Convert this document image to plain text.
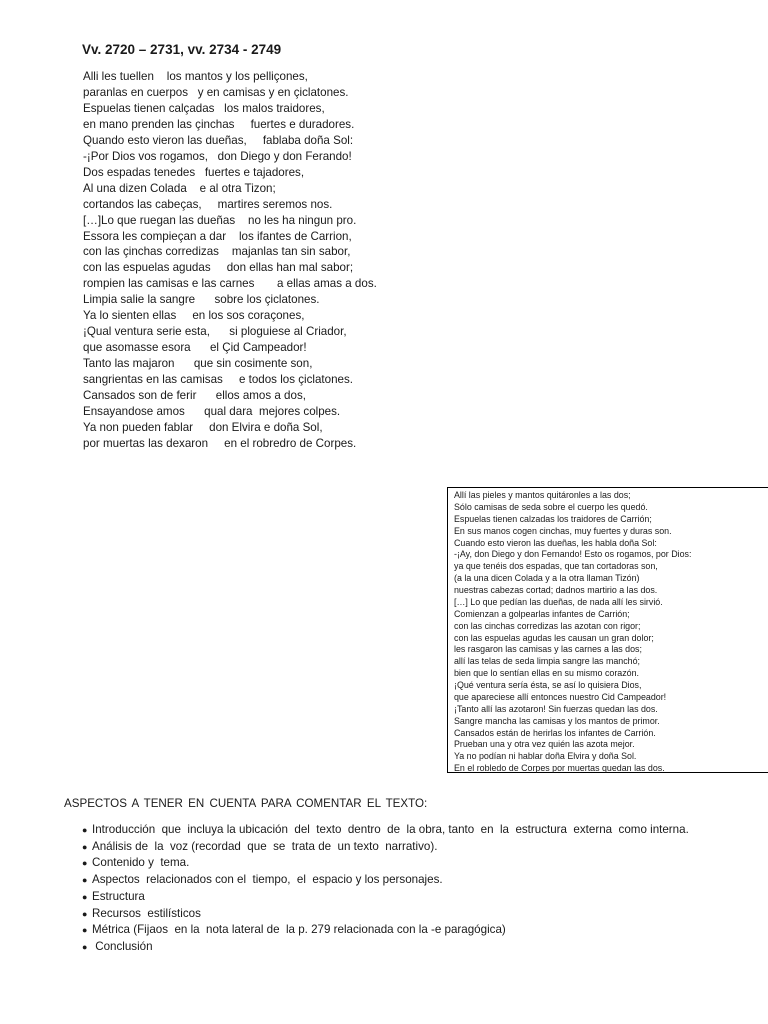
Vv. 2720 – 2731, vv. 2734 - 2749
Alli les tuellen    los mantos y los pelliçones,
paranlas en cuerpos   y en camisas y en çiclatones.
Espuelas tienen calçadas   los malos traidores,
en mano prenden las çinchas     fuertes e duradores.
Quando esto vieron las dueñas,     fablaba doña Sol:
-¡Por Dios vos rogamos,   don Diego y don Ferando!
Dos espadas tenedes   fuertes e tajadores,
Al una dizen Colada    e al otra Tizon;
cortandos las cabeças,     martires seremos nos.
[…]Lo que ruegan las dueñas    no les ha ningun pro.
Essora les compieçan a dar    los ifantes de Carrion,
con las çinchas corredizas    majanlas tan sin sabor,
con las espuelas agudas     don ellas han mal sabor;
rompien las camisas e las carnes       a ellas amas a dos.
Limpia salie la sangre      sobre los çiclatones.
Ya lo sienten ellas     en los sos coraçones,
¡Qual ventura serie esta,      si ploguiese al Criador,
que asomasse esora      el Çid Campeador!
Tanto las majaron      que sin cosimente son,
sangrientas en las camisas     e todos los çiclatones.
Cansados son de ferir      ellos amos a dos,
Ensayandose amos      qual dara  mejores colpes.
Ya non pueden fablar     don Elvira e doña Sol,
por muertas las dexaron     en el robredro de Corpes.
Allí las pieles y mantos quitáronles a las dos;
Sólo camisas de seda sobre el cuerpo les quedó.
Espuelas tienen calzadas los traidores de Carrión;
En sus manos cogen cinchas, muy fuertes y duras son.
Cuando esto vieron las dueñas, les habla doña Sol:
-¡Ay, don Diego y don Fernando! Esto os rogamos, por Dios:
ya que tenéis dos espadas, que tan cortadoras son,
(a la una dicen Colada y a la otra llaman Tizón)
nuestras cabezas cortad; dadnos martirio a las dos.
[…] Lo que pedían las dueñas, de nada allí les sirvió.
Comienzan a golpearlas infantes de Carrión;
con las cinchas corredizas las azotan con rigor;
con las espuelas agudas les causan un gran dolor;
les rasgaron las camisas y las carnes a las dos;
allí las telas de seda limpia sangre las manchó;
bien que lo sentían ellas en su mismo corazón.
¡Qué ventura sería ésta, se así lo quisiera Dios,
que apareciese allí entonces nuestro Cid Campeador!
¡Tanto allí las azotaron! Sin fuerzas quedan las dos.
Sangre mancha las camisas y los mantos de primor.
Cansados están de herirlas los infantes de Carrión.
Prueban una y otra vez quién las azota mejor.
Ya no podían ni hablar doña Elvira y doña Sol.
En el robledo de Corpes por muertas quedan las dos.
ASPECTOS A TENER EN CUENTA PARA COMENTAR EL TEXTO:
● Introducción  que  incluya la ubicación  del  texto  dentro  de  la obra, tanto  en  la  estructura  externa  como interna.
● Análisis de  la  voz (recordad  que  se  trata de  un texto  narrativo).
● Contenido y  tema.
● Aspectos  relacionados con el  tiempo,  el  espacio y los personajes.
● Estructura
● Recursos  estilísticos
● Métrica (Fijaos  en la  nota lateral de  la p. 279 relacionada con la -e paragógica)
● Conclusión
